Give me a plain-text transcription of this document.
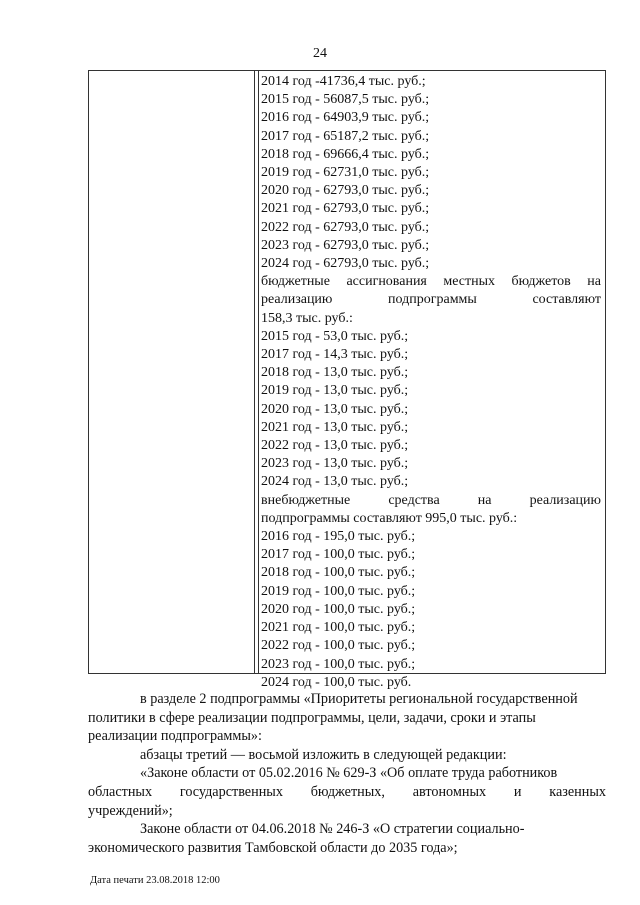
24
2014 год -41736,4 тыс. руб.;
2015 год - 56087,5 тыс. руб.;
2016 год - 64903,9 тыс. руб.;
2017 год - 65187,2 тыс. руб.;
2018 год - 69666,4 тыс. руб.;
2019 год - 62731,0 тыс. руб.;
2020 год - 62793,0 тыс. руб.;
2021 год - 62793,0 тыс. руб.;
2022 год - 62793,0 тыс. руб.;
2023 год - 62793,0 тыс. руб.;
2024 год - 62793,0 тыс. руб.;
бюджетные ассигнования местных бюджетов на
реализацию	подпрограммы	составляют
158,3 тыс. руб.:
2015 год - 53,0 тыс. руб.;
2017 год - 14,3 тыс. руб.;
2018 год - 13,0 тыс. руб.;
2019 год - 13,0 тыс. руб.;
2020 год - 13,0 тыс. руб.;
2021 год - 13,0 тыс. руб.;
2022 год - 13,0 тыс. руб.;
2023 год - 13,0 тыс. руб.;
2024 год - 13,0 тыс. руб.;
внебюджетные	средства	на	реализацию
подпрограммы составляют 995,0 тыс. руб.:
2016 год - 195,0 тыс. руб.;
2017 год - 100,0 тыс. руб.;
2018 год - 100,0 тыс. руб.;
2019 год - 100,0 тыс. руб.;
2020 год - 100,0 тыс. руб.;
2021 год - 100,0 тыс. руб.;
2022 год - 100,0 тыс. руб.;
2023 год - 100,0 тыс. руб.;
2024 год - 100,0 тыс. руб.
в разделе 2 подпрограммы «Приоритеты региональной государственной
политики в сфере реализации подпрограммы, цели, задачи, сроки и этапы
реализации подпрограммы»:
абзацы третий — восьмой изложить в следующей редакции:
«Законе области от 05.02.2016 № 629-З «Об оплате труда работников
областных государственных бюджетных, автономных и казенных
учреждений»;
Законе области от 04.06.2018 № 246-З «О стратегии социально-
экономического развития Тамбовской области до 2035 года»;
Дата печати 23.08.2018 12:00
